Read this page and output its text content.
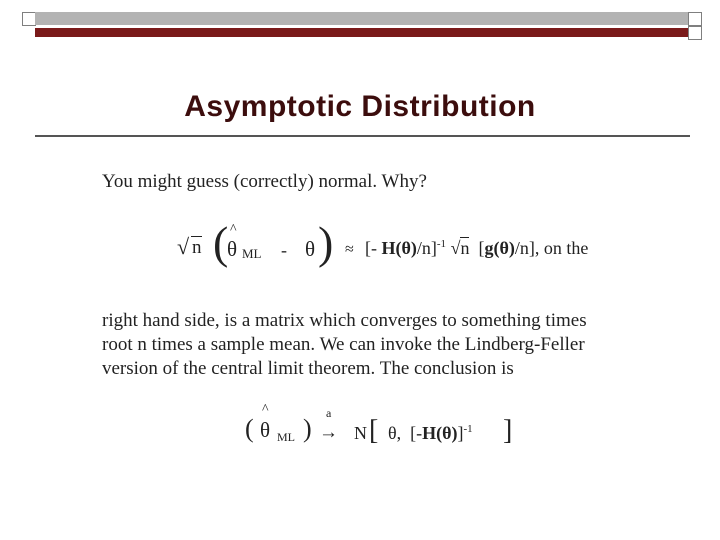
Asymptotic Distribution
You might guess (correctly) normal. Why?
√ n ( ^
θ ML - θ ) ≈ [- H(θ)/n]$^{-1}$ √n [g(θ)/n], on the
right hand side, is a matrix which converges to something times
root n times a sample mean. We can invoke the Lindberg-Feller
version of the central limit theorem. The conclusion is
(
^
θ ML )
a
→ N [ θ, $[-H(\theta)]^{-1}$ ]
